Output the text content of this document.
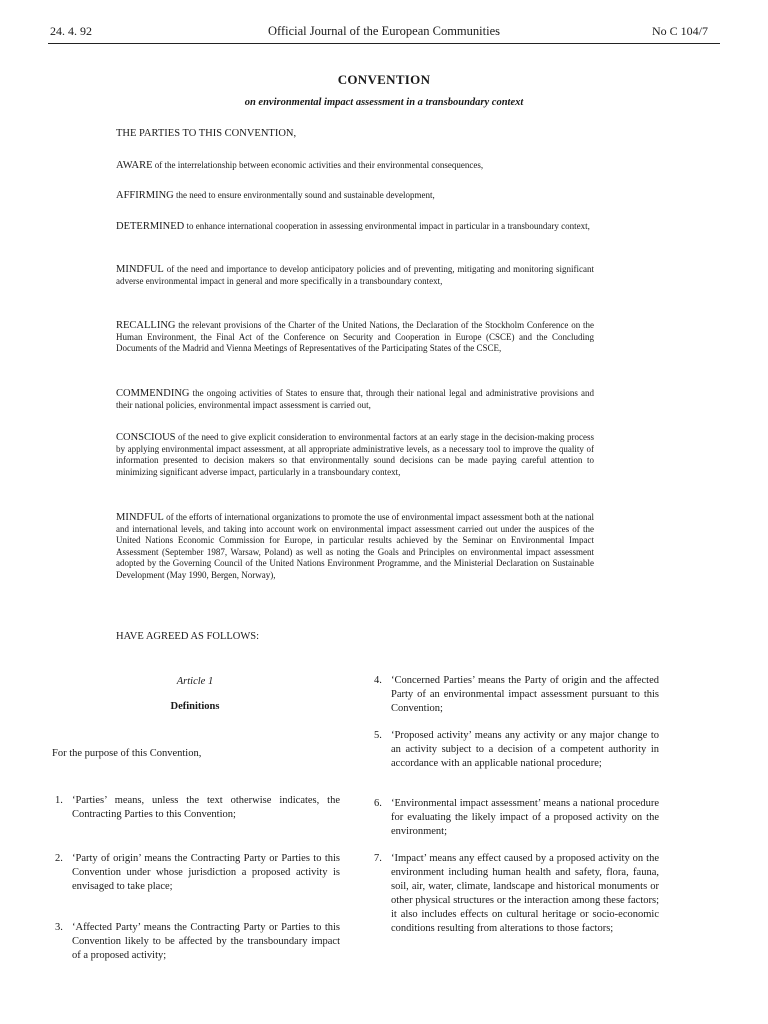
Official Journal of the European Communities
24. 4. 92	No C 104/7
CONVENTION
on environmental impact assessment in a transboundary context
THE PARTIES TO THIS CONVENTION,

AWARE of the interrelationship between economic activities and their environmental consequences,

AFFIRMING the need to ensure environmentally sound and sustainable development,

DETERMINED to enhance international cooperation in assessing environmental impact in particular in a transboundary context,

MINDFUL of the need and importance to develop anticipatory policies and of preventing, mitigating and monitoring significant adverse environmental impact in general and more specifically in a transboundary context,

RECALLING the relevant provisions of the Charter of the United Nations, the Declaration of the Stockholm Conference on the Human Environment, the Final Act of the Conference on Security and Cooperation in Europe (CSCE) and the Concluding Documents of the Madrid and Vienna Meetings of Representatives of the Participating States of the CSCE,

COMMENDING the ongoing activities of States to ensure that, through their national legal and administrative provisions and their national policies, environmental impact assessment is carried out,

CONSCIOUS of the need to give explicit consideration to environmental factors at an early stage in the decision-making process by applying environmental impact assessment, at all appropriate administrative levels, as a necessary tool to improve the quality of information presented to decision makers so that environmentally sound decisions can be made paying careful attention to minimizing significant adverse impact, particularly in a transboundary context,

MINDFUL of the efforts of international organizations to promote the use of environmental impact assessment both at the national and international levels, and taking into account work on environmental impact assessment carried out under the auspices of the United Nations Economic Commission for Europe, in particular results achieved by the Seminar on Environmental Impact Assessment (September 1987, Warsaw, Poland) as well as noting the Goals and Principles on environmental impact assessment adopted by the Governing Council of the United Nations Environment Programme, and the Ministerial Declaration on Sustainable Development (May 1990, Bergen, Norway),

HAVE AGREED AS FOLLOWS:
Article 1
Definitions
For the purpose of this Convention,
1. ‘Parties’ means, unless the text otherwise indicates, the Contracting Parties to this Convention;
2. ‘Party of origin’ means the Contracting Party or Parties to this Convention under whose jurisdiction a proposed activity is envisaged to take place;
3. ‘Affected Party’ means the Contracting Party or Parties to this Convention likely to be affected by the transboundary impact of a proposed activity;
4. ‘Concerned Parties’ means the Party of origin and the affected Party of an environmental impact assessment pursuant to this Convention;
5. ‘Proposed activity’ means any activity or any major change to an activity subject to a decision of a competent authority in accordance with an applicable national procedure;
6. ‘Environmental impact assessment’ means a national procedure for evaluating the likely impact of a proposed activity on the environment;
7. ‘Impact’ means any effect caused by a proposed activity on the environment including human health and safety, flora, fauna, soil, air, water, climate, landscape and historical monuments or other physical structures or the interaction among these factors; it also includes effects on cultural heritage or socio-economic conditions resulting from alterations to those factors;
